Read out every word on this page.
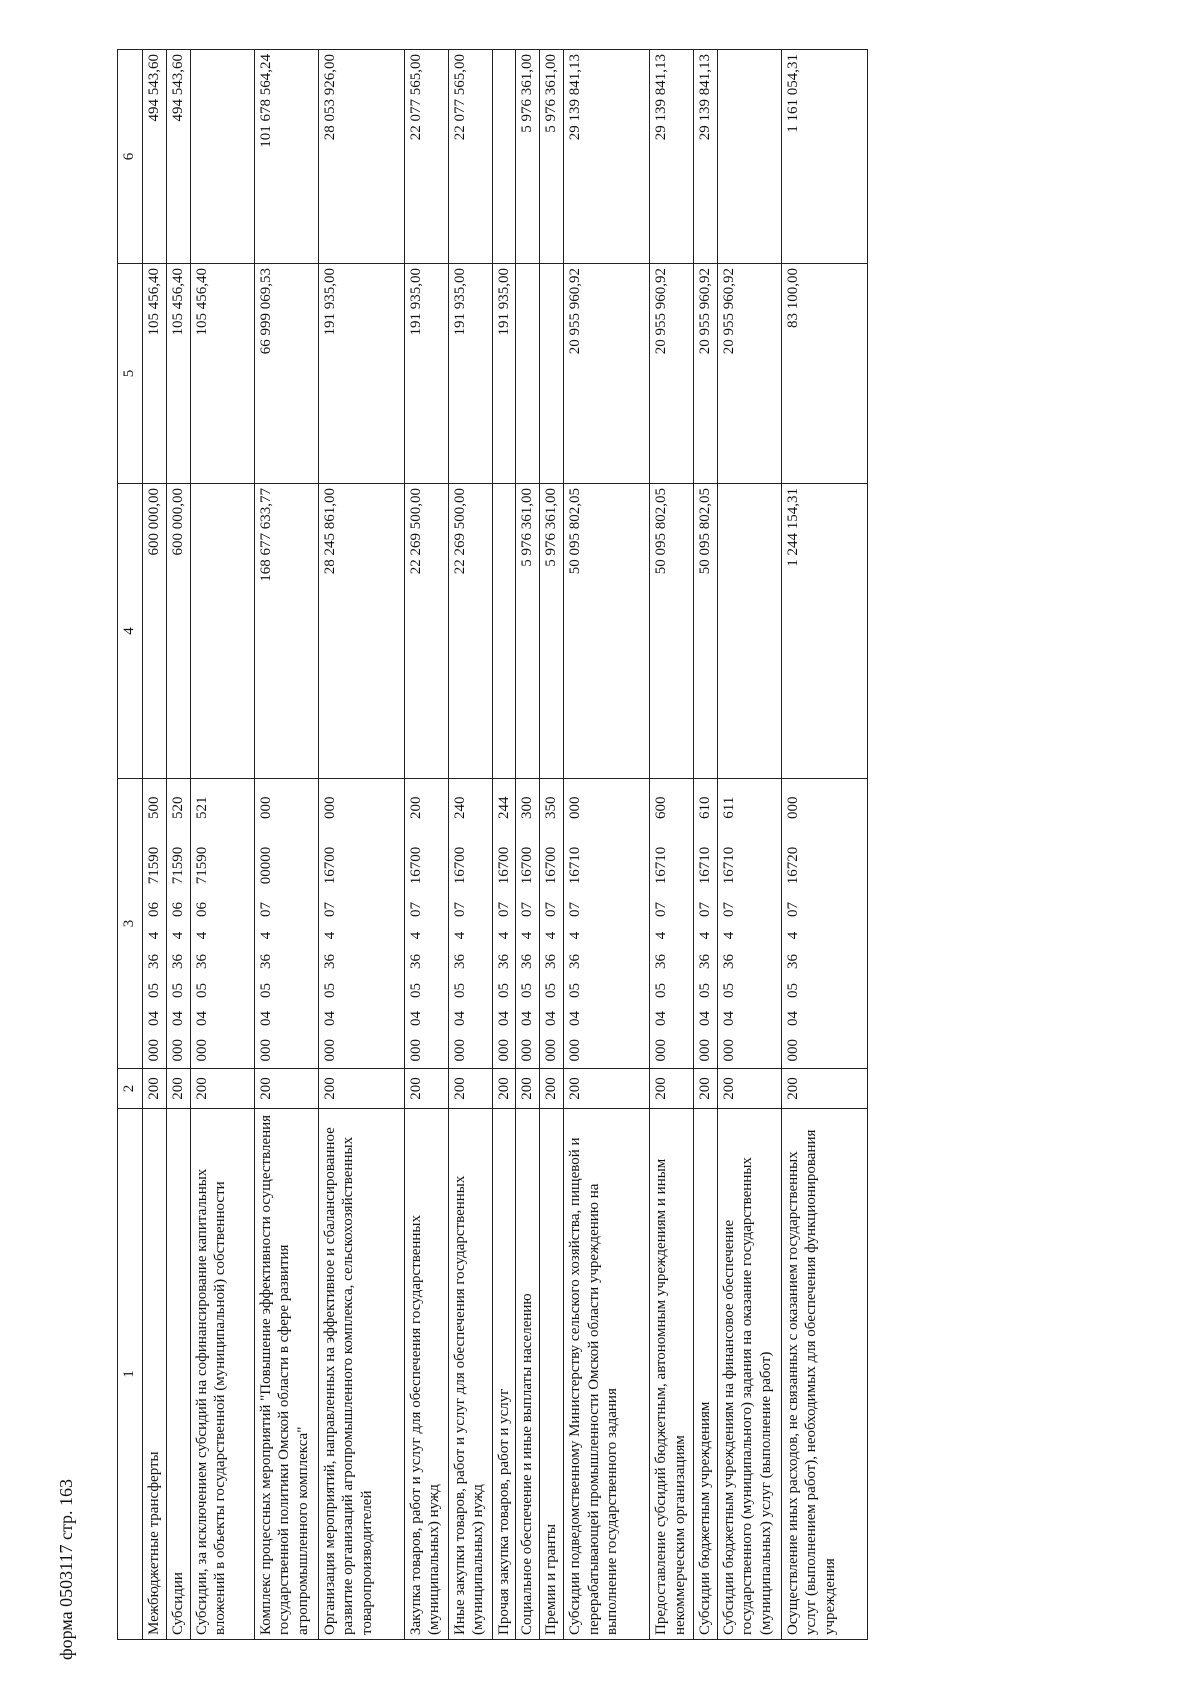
форма 0503117 стр. 163
1	2	3								4	5	6
Межбюджетные трансферты	200	000	04	05	36	4	06	71590	500	600 000,00	105 456,40	494 543,60
Субсидии	200	000	04	05	36	4	06	71590	520	600 000,00	105 456,40	494 543,60
Субсидии, за исключением субсидий на софинансирование капитальных вложений в объекты государственной (муниципальной) собственности	200	000	04	05	36	4	06	71590	521		105 456,40	
Комплекс процессных мероприятий "Повышение эффективности осуществления государственной политики Омской области в сфере развития агропромышленного комплекса"	200	000	04	05	36	4	07	00000	000	168 677 633,77	66 999 069,53	101 678 564,24
Организация мероприятий, направленных на эффективное и сбалансированное развитие организаций агропромышленного комплекса, сельскохозяйственных товаропроизводителей	200	000	04	05	36	4	07	16700	000	28 245 861,00	191 935,00	28 053 926,00
Закупка товаров, работ и услуг для обеспечения государственных (муниципальных) нужд	200	000	04	05	36	4	07	16700	200	22 269 500,00	191 935,00	22 077 565,00
Иные закупки товаров, работ и услуг для обеспечения государственных (муниципальных) нужд	200	000	04	05	36	4	07	16700	240	22 269 500,00	191 935,00	22 077 565,00
Прочая закупка товаров, работ и услуг	200	000	04	05	36	4	07	16700	244		191 935,00	
Социальное обеспечение и иные выплаты населению	200	000	04	05	36	4	07	16700	300	5 976 361,00		5 976 361,00
Премии и гранты	200	000	04	05	36	4	07	16700	350	5 976 361,00		5 976 361,00
Субсидии подведомственному Министерству сельского хозяйства, пищевой и перерабатывающей промышленности Омской области учреждению на выполнение государственного задания	200	000	04	05	36	4	07	16710	000	50 095 802,05	20 955 960,92	29 139 841,13
Предоставление субсидий бюджетным, автономным учреждениям и иным некоммерческим организациям	200	000	04	05	36	4	07	16710	600	50 095 802,05	20 955 960,92	29 139 841,13
Субсидии бюджетным учреждениям	200	000	04	05	36	4	07	16710	610	50 095 802,05	20 955 960,92	29 139 841,13
Субсидии бюджетным учреждениям на финансовое обеспечение государственного (муниципального) задания на оказание государственных (муниципальных) услуг (выполнение работ)	200	000	04	05	36	4	07	16710	611		20 955 960,92	
Осуществление иных расходов, не связанных с оказанием государственных услуг (выполнением работ), необходимых для обеспечения функционирования учреждения	200	000	04	05	36	4	07	16720	000	1 244 154,31	83 100,00	1 161 054,31
